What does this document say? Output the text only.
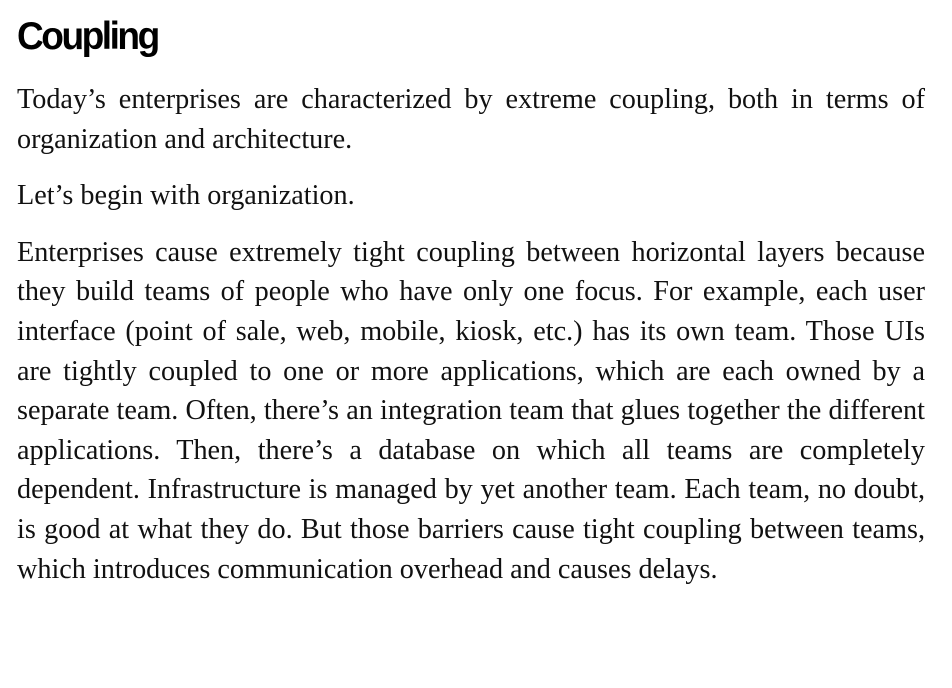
Coupling

Today’s enterprises are characterized by extreme coupling, both in terms of organization and architecture.

Let’s begin with organization.

Enterprises cause extremely tight coupling between horizontal layers because they build teams of people who have only one focus. For example, each user interface (point of sale, web, mobile, kiosk, etc.) has its own team. Those UIs are tightly coupled to one or more applications, which are each owned by a separate team. Often, there’s an integration team that glues together the different applications. Then, there’s a database on which all teams are completely dependent. Infrastructure is managed by yet another team. Each team, no doubt, is good at what they do. But those barriers cause tight coupling between teams, which introduces communication overhead and causes delays.
